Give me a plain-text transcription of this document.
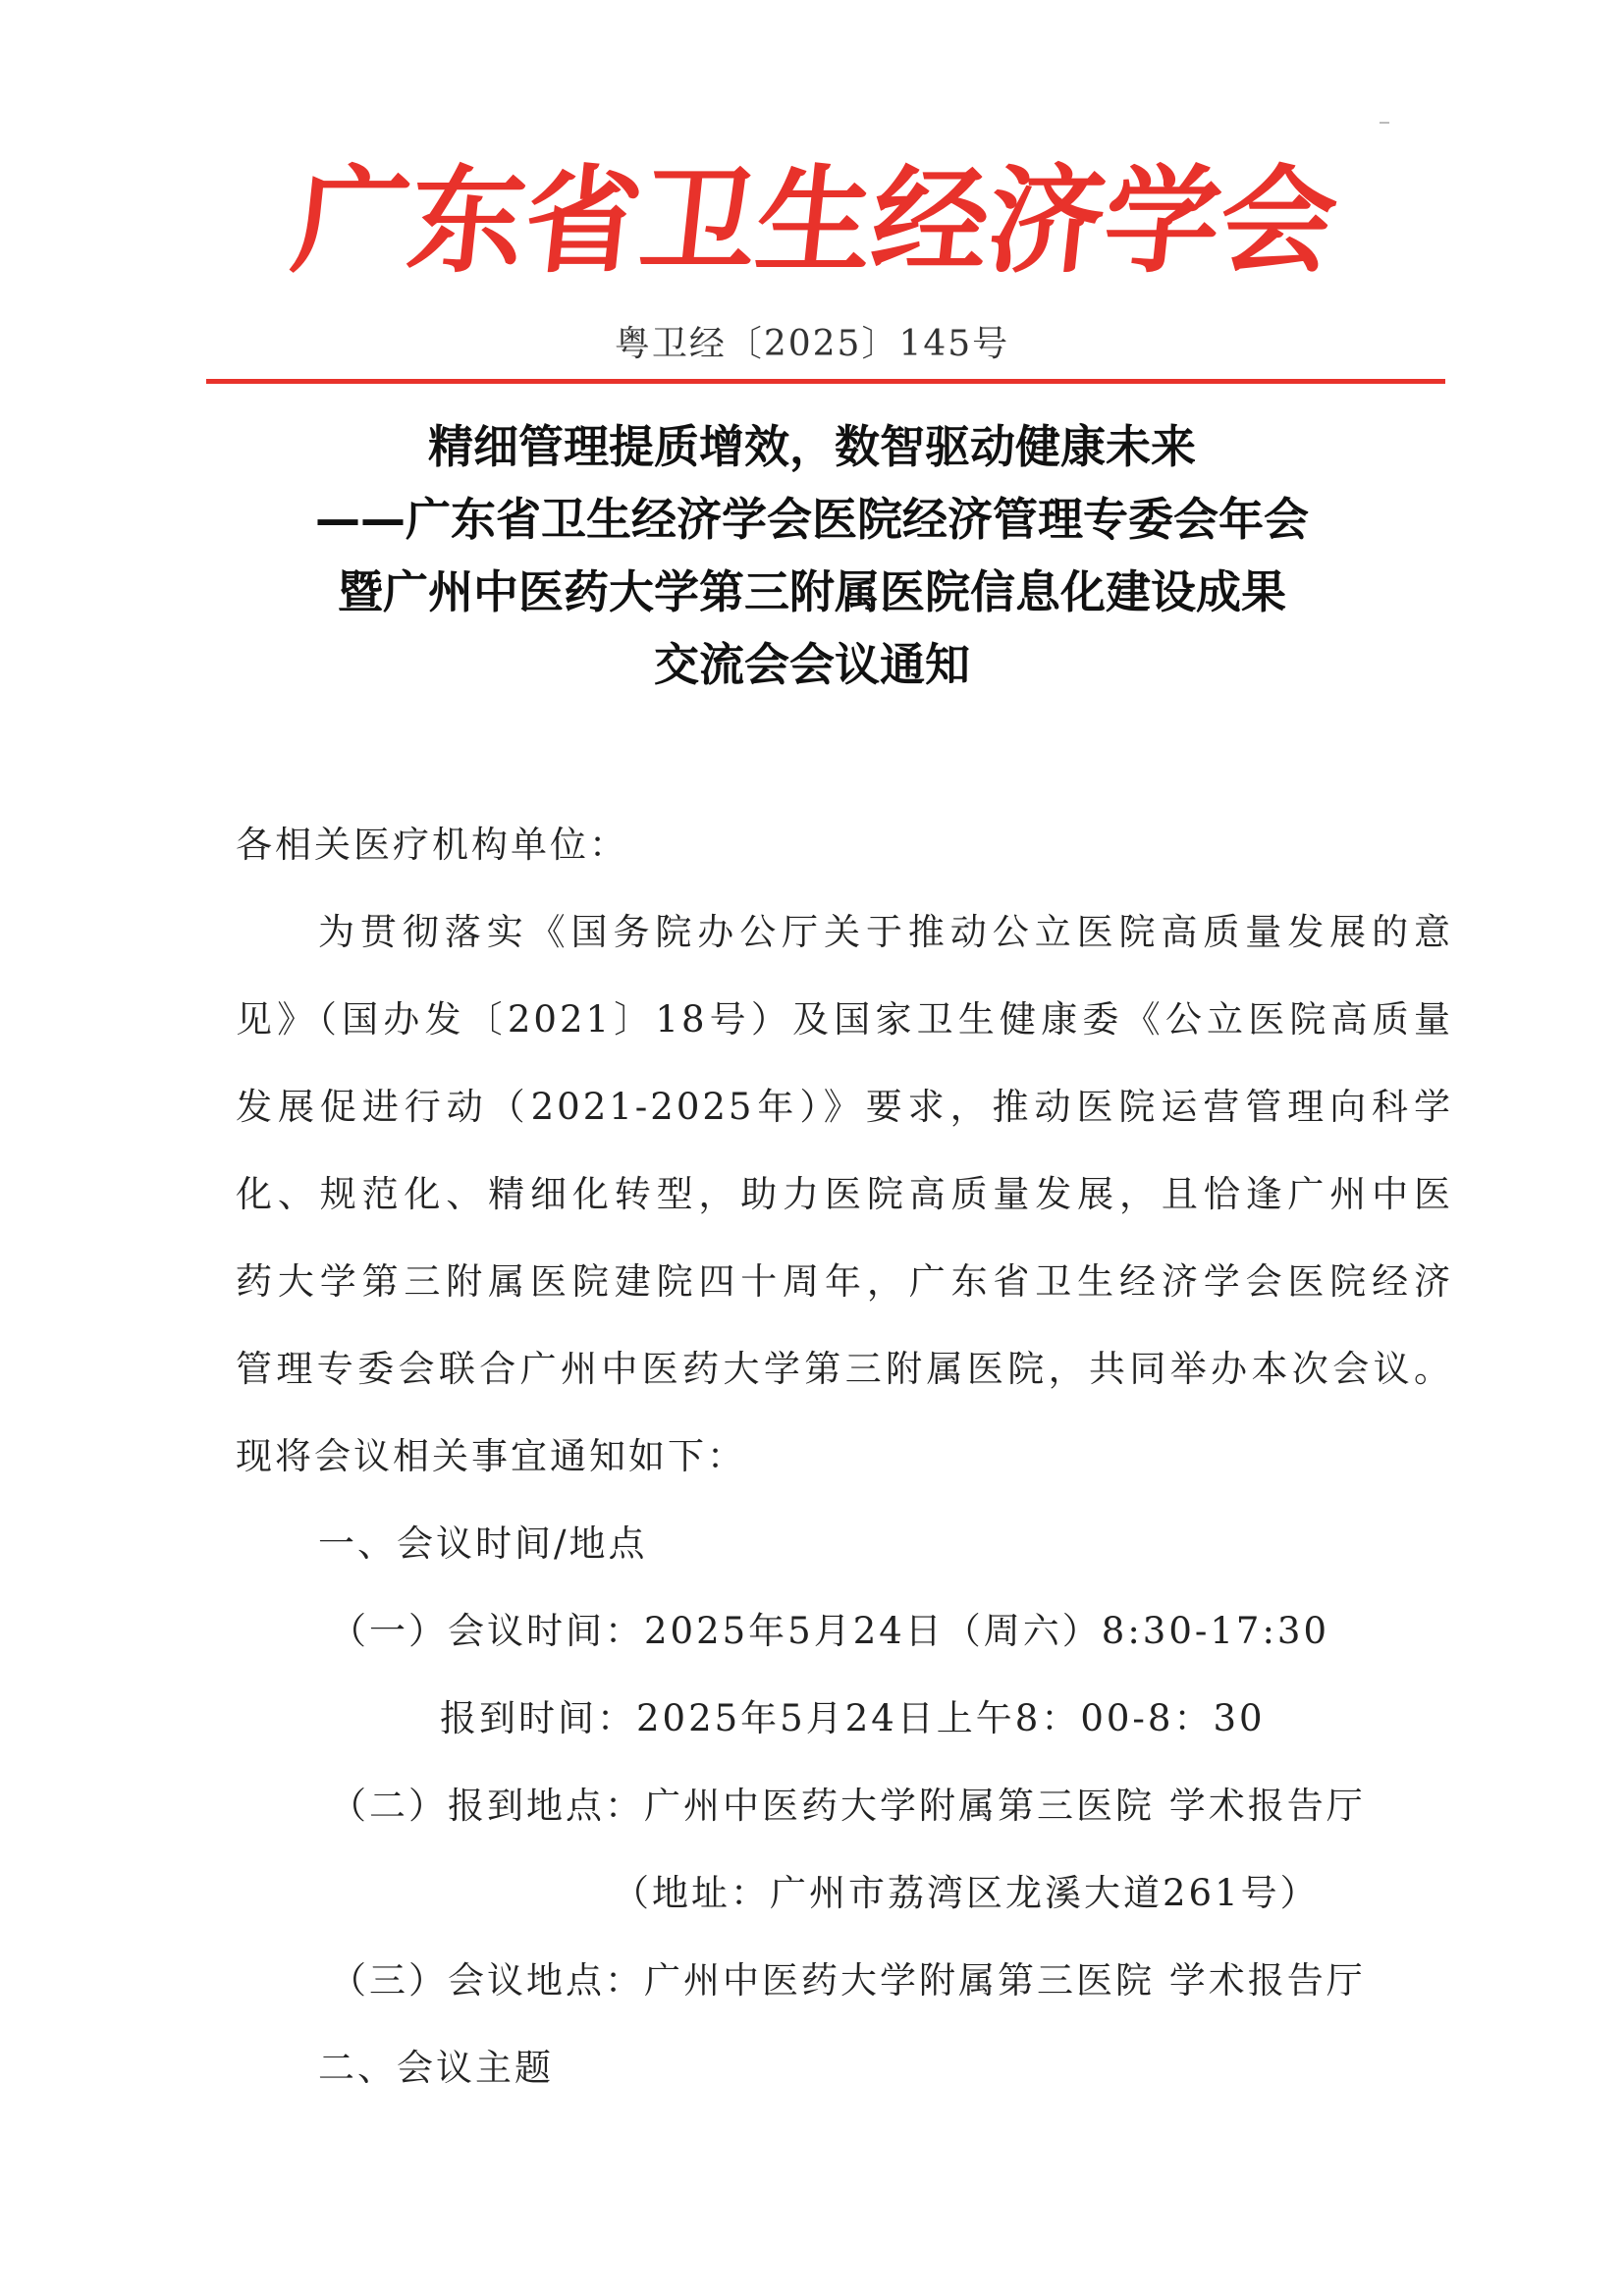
广
东
省
卫
生
经
济
学
会
粤卫经〔2025〕145号
精细管理提质增效，数智驱动健康未来
——广东省卫生经济学会医院经济管理专委会年会
暨广州中医药大学第三附属医院信息化建设成果
交流会会议通知
各相关医疗机构单位：
为贯彻落实《国务院办公厅关于推动公立医院高质量发展的意
见》（国办发〔2021〕18号）及国家卫生健康委《公立医院高质量
发展促进行动（2021-2025年）》要求，推动医院运营管理向科学
化、规范化、精细化转型，助力医院高质量发展，且恰逢广州中医
药大学第三附属医院建院四十周年，广东省卫生经济学会医院经济
管理专委会联合广州中医药大学第三附属医院，共同举办本次会议。
现将会议相关事宜通知如下：
一、会议时间/地点
（一）会议时间：2025年5月24日（周六）8:30-17:30
报到时间：2025年5月24日上午8：00-8：30
（二）报到地点：广州中医药大学附属第三医院 学术报告厅
（地址：广州市荔湾区龙溪大道261号）
（三）会议地点：广州中医药大学附属第三医院 学术报告厅
二、会议主题
